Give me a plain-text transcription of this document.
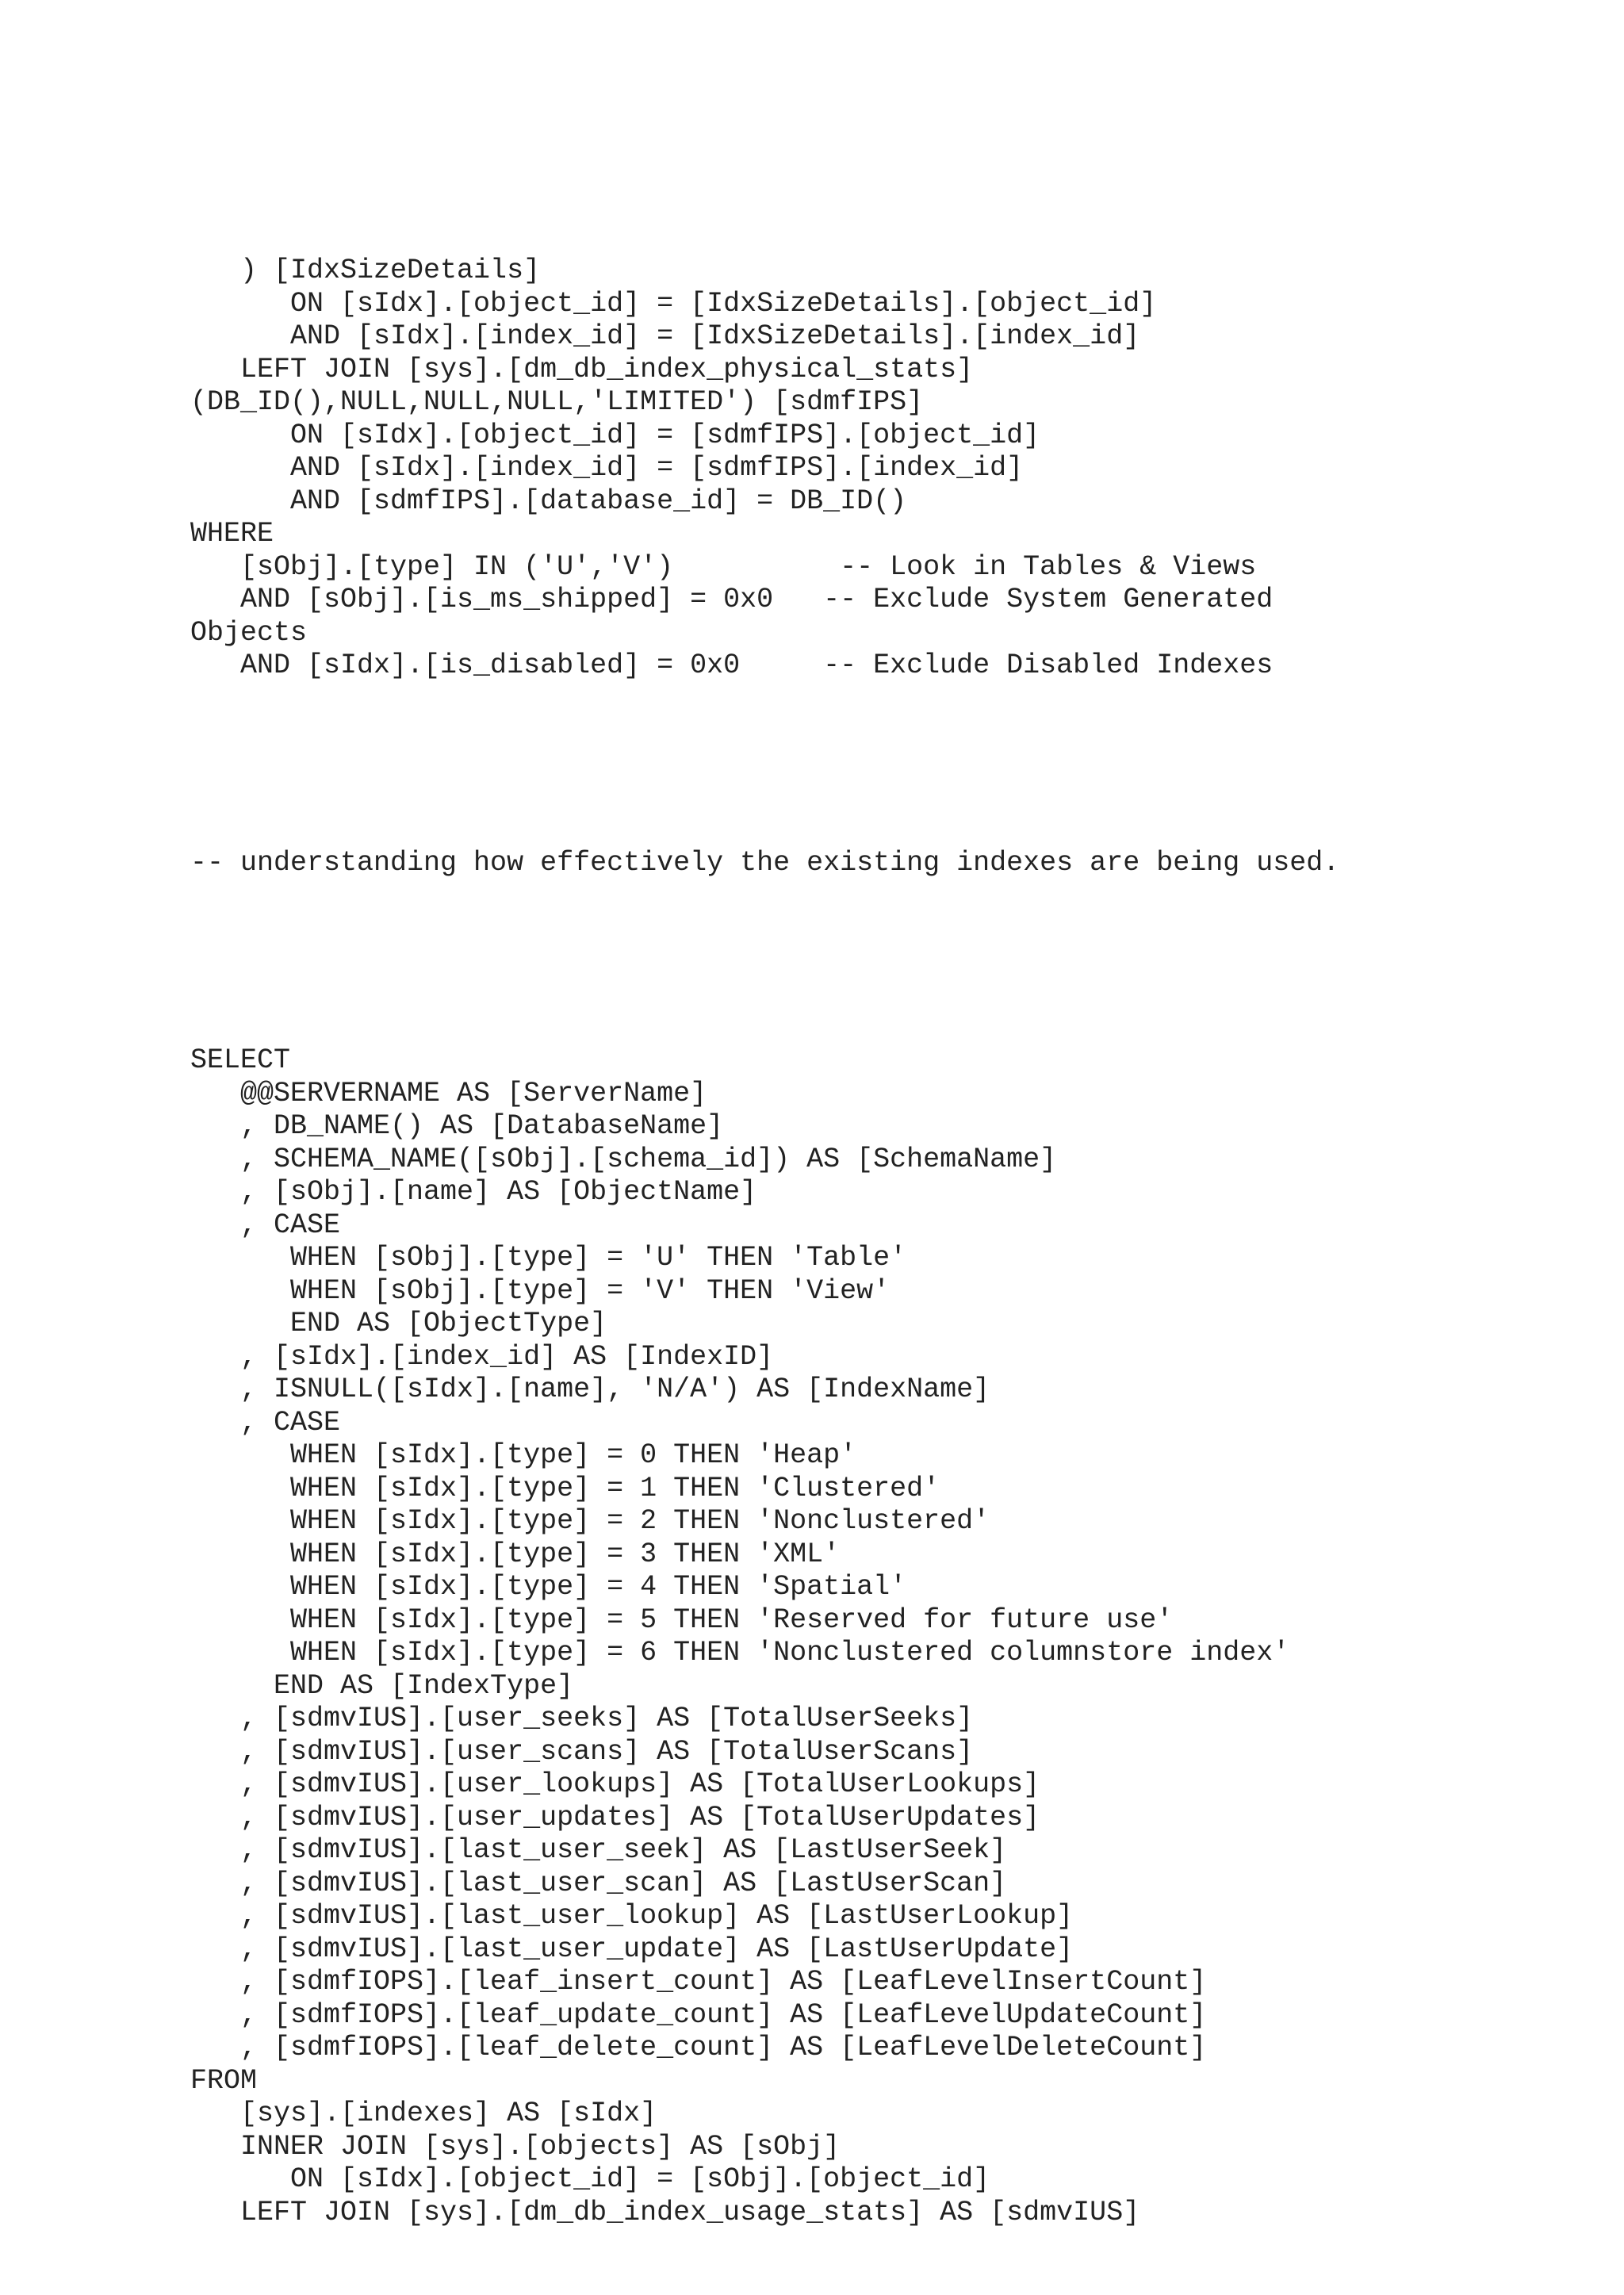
) [IdxSizeDetails]
ON [sIdx].[object_id] = [IdxSizeDetails].[object_id]
AND [sIdx].[index_id] = [IdxSizeDetails].[index_id]
LEFT JOIN [sys].[dm_db_index_physical_stats]
(DB_ID(),NULL,NULL,NULL,'LIMITED') [sdmfIPS]
ON [sIdx].[object_id] = [sdmfIPS].[object_id]
AND [sIdx].[index_id] = [sdmfIPS].[index_id]
AND [sdmfIPS].[database_id] = DB_ID()
WHERE
[sObj].[type] IN ('U','V')          -- Look in Tables & Views
AND [sObj].[is_ms_shipped] = 0x0   -- Exclude System Generated
Objects
AND [sIdx].[is_disabled] = 0x0     -- Exclude Disabled Indexes

-- understanding how effectively the existing indexes are being used.

SELECT
@@SERVERNAME AS [ServerName]
, DB_NAME() AS [DatabaseName]
, SCHEMA_NAME([sObj].[schema_id]) AS [SchemaName]
, [sObj].[name] AS [ObjectName]
, CASE
WHEN [sObj].[type] = 'U' THEN 'Table'
WHEN [sObj].[type] = 'V' THEN 'View'
END AS [ObjectType]
, [sIdx].[index_id] AS [IndexID]
, ISNULL([sIdx].[name], 'N/A') AS [IndexName]
, CASE
WHEN [sIdx].[type] = 0 THEN 'Heap'
WHEN [sIdx].[type] = 1 THEN 'Clustered'
WHEN [sIdx].[type] = 2 THEN 'Nonclustered'
WHEN [sIdx].[type] = 3 THEN 'XML'
WHEN [sIdx].[type] = 4 THEN 'Spatial'
WHEN [sIdx].[type] = 5 THEN 'Reserved for future use'
WHEN [sIdx].[type] = 6 THEN 'Nonclustered columnstore index'
END AS [IndexType]
, [sdmvIUS].[user_seeks] AS [TotalUserSeeks]
, [sdmvIUS].[user_scans] AS [TotalUserScans]
, [sdmvIUS].[user_lookups] AS [TotalUserLookups]
, [sdmvIUS].[user_updates] AS [TotalUserUpdates]
, [sdmvIUS].[last_user_seek] AS [LastUserSeek]
, [sdmvIUS].[last_user_scan] AS [LastUserScan]
, [sdmvIUS].[last_user_lookup] AS [LastUserLookup]
, [sdmvIUS].[last_user_update] AS [LastUserUpdate]
, [sdmfIOPS].[leaf_insert_count] AS [LeafLevelInsertCount]
, [sdmfIOPS].[leaf_update_count] AS [LeafLevelUpdateCount]
, [sdmfIOPS].[leaf_delete_count] AS [LeafLevelDeleteCount]
FROM
[sys].[indexes] AS [sIdx]
INNER JOIN [sys].[objects] AS [sObj]
ON [sIdx].[object_id] = [sObj].[object_id]
LEFT JOIN [sys].[dm_db_index_usage_stats] AS [sdmvIUS]
